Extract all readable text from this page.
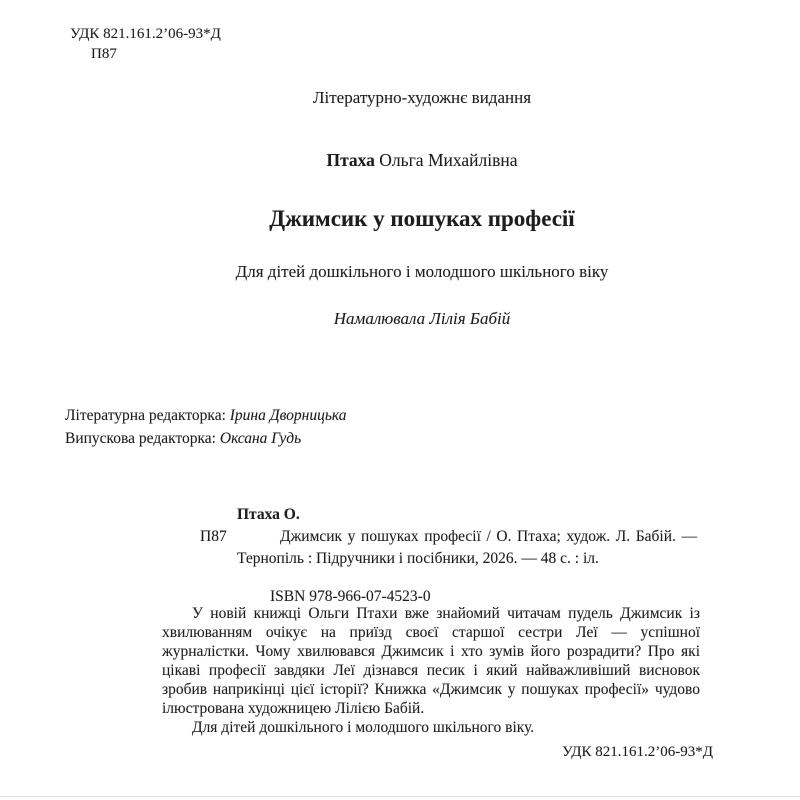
УДК 821.161.2’06-93*Д
П87
Літературно-художнє видання
Птаха Ольга Михайлівна
Джимсик у пошуках професії
Для дітей дошкільного і молодшого шкільного віку
Намалювала Лілія Бабій
Літературна редакторка: Ірина Дворницька
Випускова редакторка: Оксана Гудь
Птаха О.
П87	Джимсик у пошуках професії / О. Птаха; худож. Л. Бабій. — Тернопіль : Підручники і посібники, 2026. — 48 с. : іл.
ISBN 978-966-07-4523-0

У новій книжці Ольги Птахи вже знайомий читачам пудель Джимсик із хвилюванням очікує на приїзд своєї старшої сестри Леї — успішної журналістки. Чому хвилювався Джимсик і хто зумів його розрадити? Про які цікаві професії завдяки Леї дізнався песик і який найважливіший висновок зробив наприкінці цієї історії? Книжка «Джимсик у пошуках професії» чудово ілюстрована художницею Лілією Бабій.

Для дітей дошкільного і молодшого шкільного віку.

УДК 821.161.2’06-93*Д
